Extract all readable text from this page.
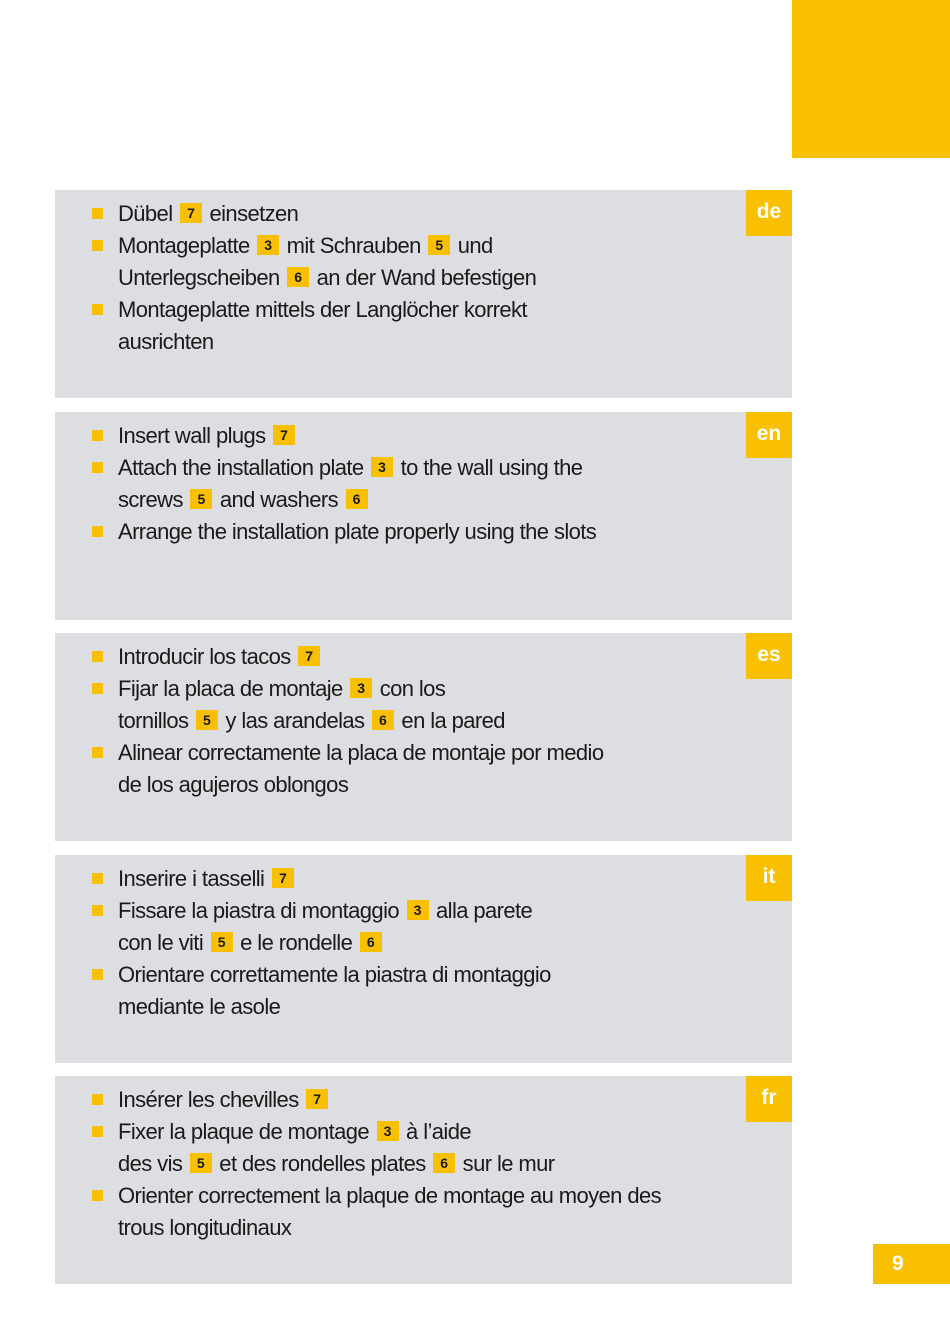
de
Dübel 7 einsetzen
Montageplatte 3 mit Schrauben 5 und
Unterlegscheiben 6 an der Wand befestigen
Montageplatte mittels der Langlöcher korrekt
ausrichten
en
Insert wall plugs 7
Attach the installation plate 3 to the wall using the
screws 5 and washers 6
Arrange the installation plate properly using the slots
es
Introducir los tacos 7
Fijar la placa de montaje 3 con los
tornillos 5 y las arandelas 6 en la pared
Alinear correctamente la placa de montaje por medio
de los agujeros oblongos
it
Inserire i tasselli 7
Fissare la piastra di montaggio 3 alla parete
con le viti 5 e le rondelle 6
Orientare correttamente la piastra di montaggio
mediante le asole
fr
Insérer les chevilles 7
Fixer la plaque de montage 3 à l’aide
des vis 5 et des rondelles plates 6 sur le mur
Orienter correctement la plaque de montage au moyen des
trous longitudinaux
9
